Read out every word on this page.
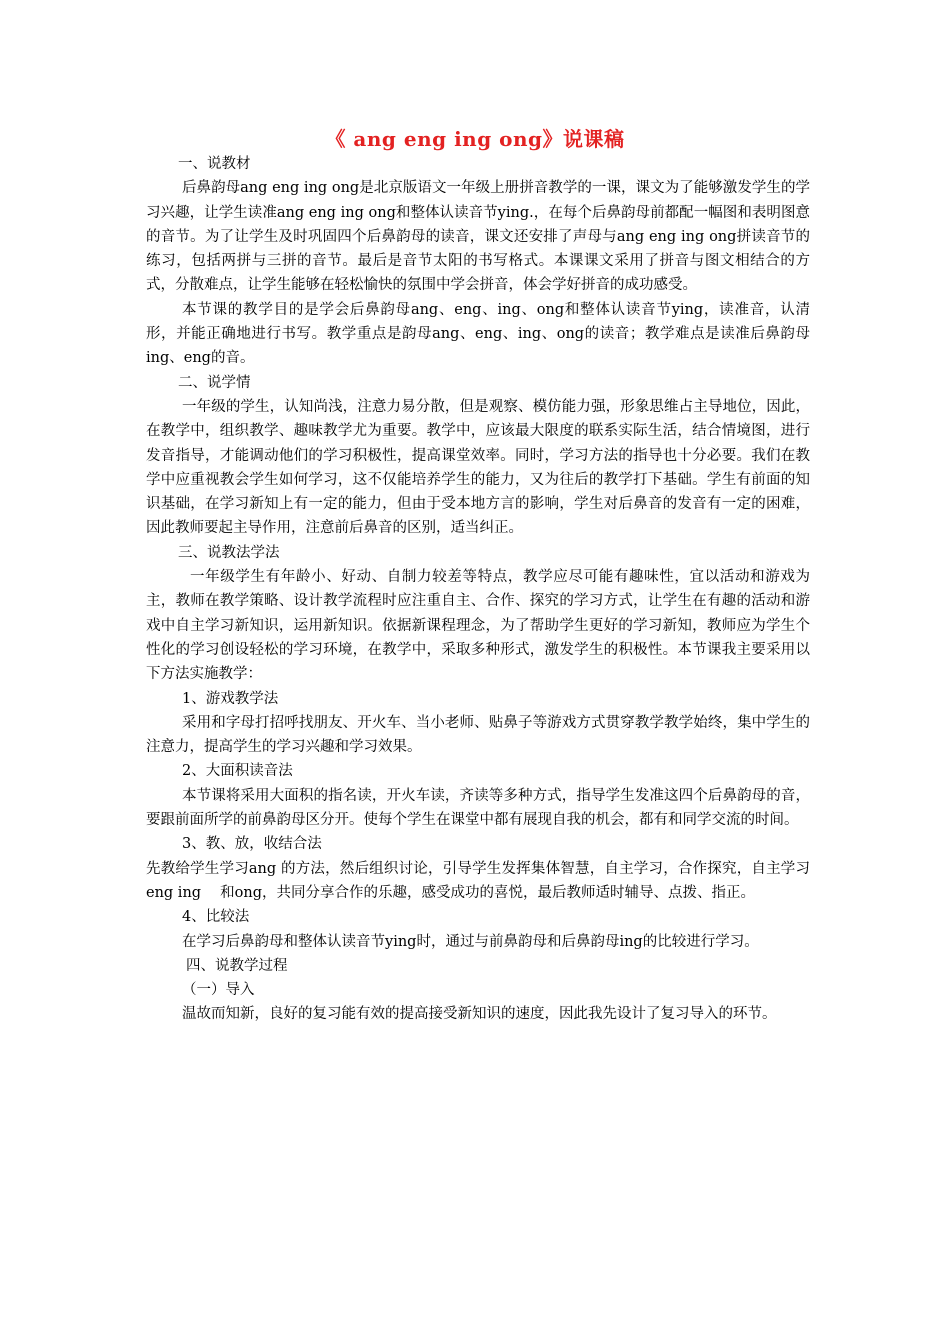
《 ang eng ing ong》说课稿

一、说教材

后鼻韵母ang eng ing ong是北京版语文一年级上册拼音教学的一课，课文为了能够激发学生的学习兴趣，让学生读准ang eng ing ong和整体认读音节ying.，在每个后鼻韵母前都配一幅图和表明图意的音节。为了让学生及时巩固四个后鼻韵母的读音，课文还安排了声母与ang eng ing ong拼读音节的练习，包括两拼与三拼的音节。最后是音节太阳的书写格式。本课课文采用了拼音与图文相结合的方式，分散难点，让学生能够在轻松愉快的氛围中学会拼音，体会学好拼音的成功感受。

本节课的教学目的是学会后鼻韵母ang、eng、ing、ong和整体认读音节ying，读准音，认清形，并能正确地进行书写。教学重点是韵母ang、eng、ing、ong的读音；教学难点是读准后鼻韵母ing、eng的音。

二、说学情

一年级的学生，认知尚浅，注意力易分散，但是观察、模仿能力强，形象思维占主导地位，因此，在教学中，组织教学、趣味教学尤为重要。教学中，应该最大限度的联系实际生活，结合情境图，进行发音指导，才能调动他们的学习积极性，提高课堂效率。同时，学习方法的指导也十分必要。我们在教学中应重视教会学生如何学习，这不仅能培养学生的能力，又为往后的教学打下基础。学生有前面的知识基础，在学习新知上有一定的能力，但由于受本地方言的影响，学生对后鼻音的发音有一定的困难，因此教师要起主导作用，注意前后鼻音的区别，适当纠正。

三、说教法学法

一年级学生有年龄小、好动、自制力较差等特点，教学应尽可能有趣味性，宜以活动和游戏为主，教师在教学策略、设计教学流程时应注重自主、合作、探究的学习方式，让学生在有趣的活动和游戏中自主学习新知识，运用新知识。依据新课程理念，为了帮助学生更好的学习新知，教师应为学生个性化的学习创设轻松的学习环境，在教学中，采取多种形式，激发学生的积极性。本节课我主要采用以下方法实施教学：

1、游戏教学法

采用和字母打招呼找朋友、开火车、当小老师、贴鼻子等游戏方式贯穿教学教学始终，集中学生的注意力，提高学生的学习兴趣和学习效果。

2、大面积读音法

本节课将采用大面积的指名读，开火车读，齐读等多种方式，指导学生发准这四个后鼻韵母的音，要跟前面所学的前鼻韵母区分开。使每个学生在课堂中都有展现自我的机会，都有和同学交流的时间。

3、教、放，收结合法

先教给学生学习ang 的方法，然后组织讨论，引导学生发挥集体智慧，自主学习，合作探究，自主学习eng ing　 和ong，共同分享合作的乐趣，感受成功的喜悦，最后教师适时辅导、点拨、指正。

4、比较法

在学习后鼻韵母和整体认读音节ying时，通过与前鼻韵母和后鼻韵母ing的比较进行学习。

四、说教学过程

（一）导入

温故而知新，良好的复习能有效的提高接受新知识的速度，因此我先设计了复习导入的环节。
